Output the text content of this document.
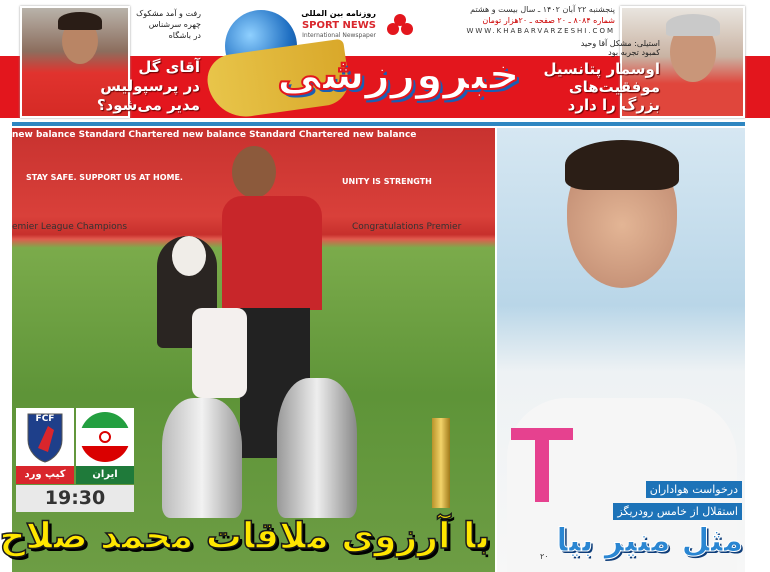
رفت و آمد مشکوک
چهره سرشناس
در باشگاه
آقای گل
در پرسپولیس
مدیر می‌شود؟
روزنامه بین المللی
SPORT NEWS
International Newspaper
پنجشنبه ۲۲ آبان ۱۴۰۲ ـ سال بیست و هشتم
شماره ۸۰۸۴ ـ ۲۰ صفحه ـ ۲۰هزار تومان
WWW.KHABARVARZESHI.COM
خبرورزشی
استیلی: مشکل آقا وحید
کمبود تجربه بود
اوسمار پتانسیل
موفقیت‌های
بزرگ را دارد
new balance Standard Chartered new balance Standard Chartered new balance
STAY SAFE. SUPPORT US AT HOME.	UNITY IS STRENGTH
emier League Champions	Congratulations Premier
FCF
کیپ ورد	ایران
19:30
با آرزوی ملاقات محمد صلاح
درخواست هواداران
استقلال از خامس رودریگز
مثل منیر بیا
۲۰
